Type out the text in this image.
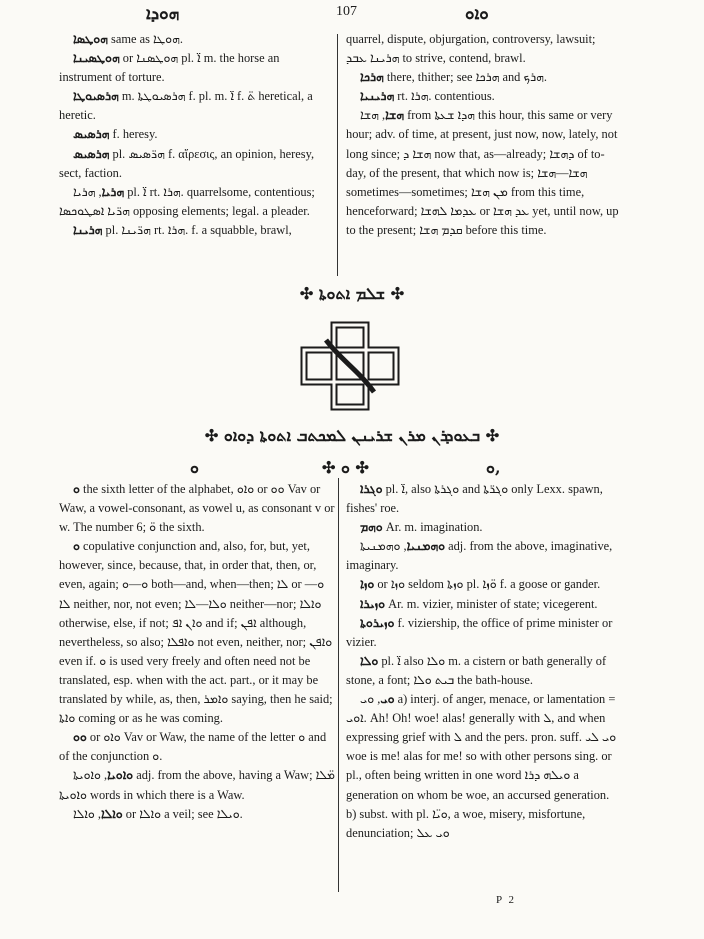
ܗܘܕܐ	107	ܘܐܘ

ܗܘܛܣܐ same as ܗܘܛܐ.

ܗܘܛܣܝܢܐ or ܗܘܛܣܢܐ pl. ܐ̈ m. the horse an instrument of torture.

ܗܪܣܝܘܛܐ m. ܗܪܣܝܘܛܬܐ f. pl. m. ܐ̈ f. ܬ̈ heretical, a heretic.

ܗܪܣܝܣ f. heresy.

ܗܪܣܝܣ pl. ܗܪ̈ܣܝܣ f. αἵρεσις, an opinion, heresy, sect, faction.

ܗܪܝܐ, ܗܪܝܐ pl. ܐ̈ rt. ܗܪܐ. quarrelsome, contentious; ܗܪ̈ܝܐ ܐܣܛܘܟܣܐ opposing elements; legal. a pleader.

ܗܪܝܢܐ pl. ܗܪ̈ܝܢܐ rt. ܗܪܐ. f. a squabble, brawl,

quarrel, dispute, objurgation, controversy, lawsuit; ܗܪܝܢܐ ܥܒܕ to strive, contend, brawl.

ܗܪܟܐ there, thither; see ܗܪܟܐ and ܗܪܟ.

ܗܪܝܢܝܐ rt. ܗܪܐ. contentious.

ܗܫܐ, ܗܫܐ from ܗܕܐ ܫܥܬܐ this hour, this same or very hour; adv. of time, at present, just now, now, lately, not long since; ܗܫܐ ܕ now that, as—already; ܕܗܫܐ of to-day, of the present, that which now is; ܗܫܐ—ܗܫܐ sometimes—sometimes; ܡܢ ܗܫܐ from this time, henceforward; ܥܕܡܐ ܠܗܫܐ or ܥܕ ܗܫܐ yet, until now, up to the present; ܩܕܡ ܗܫܐ before this time.

✣ ܫܠܡ ܐܬܘܬܐ ✣
✣ ܒܥܘܕܪܢ ܡܪܢ ܫܪܝܢܢ ܠܡܟܬܒ ܐܬܘܬܐ ܕܘܐܘ ✣
ܘ	✣ ܘ ✣	ܘ,

ܘ the sixth letter of the alphabet, ܘܐܘ or ܘܘ Vav or Waw, a vowel-consonant, as vowel u, as consonant v or w. The number 6; ܘ̈ the sixth.

ܘ copulative conjunction and, also, for, but, yet, however, since, because, that, in order that, then, or, even, again; ܘ—ܘ both—and, when—then; ܠܐ or ܘ—ܠܐ neither, nor, not even; ܘܠܐ—ܠܐ neither—nor; ܘܐܠܐ otherwise, else, if not; ܘܐܢ ܐܦ and if; ܐܦܢ although, nevertheless, so also; ܘܐܦܠܐ not even, neither, nor; ܘܐܦܢ even if. ܘ is used very freely and often need not be translated, esp. when with the act. part., or it may be translated by while, as, then, ܘܐܡܪ saying, then he said; ܘܐܬܐ coming or as he was coming.

ܘܘ or ܘܐܘ Vav or Waw, the name of the letter ܘ and of the conjunction ܘ.

ܘܐܘܝܐ, ܘܐܘܝܬܐ adj. from the above, having a Waw; ܡ̈ܠܐ ܘܐܘܝܬܐ words in which there is a Waw.

ܘܐܠܐ, ܘܐܠܐ or ܘܐܠܐ a veil; see ܘܝܠܐ.

ܘܓܪܐ pl. ܐ̈, also ܘܓܪܬܐ and ܘܓܪ̈ܬܐ only Lexx. spawn, fishes' roe.

ܘܗܡ Ar. m. imagination.

ܘܗܡܢܝܐ, ܘܗܡܢܝܬܐ adj. from the above, imaginative, imaginary.

ܘܙܐ or ܘܙܐ seldom ܘܙܬܐ pl. ܘ̈ܙܐ f. a goose or gander.

ܘܙܝܪܐ Ar. m. vizier, minister of state; vicegerent.

ܘܙܝܪܘܬܐ f. viziership, the office of prime minister or vizier.

ܘܠܐ pl. ܐ̈ also ܘܠܐ m. a cistern or bath generally of stone, a font; ܒܝܬ ܘܠܐ the bath-house.

ܘܝ, ܘܝ a) interj. of anger, menace, or lamentation = ܐܘܝ. Ah! Oh! woe! alas! generally with ܠ, and when expressing grief with ܠ and the pers. pron. suff. ܘܝ ܠܝ woe is me! alas for me! so with other persons sing. or pl., often being written in one word ܘܝܠܗ ܕܪܐ a generation on whom be woe, an accursed generation. b) subst. with pl. ܘܝ̈ܐ, a woe, misery, misfortune, denunciation; ܘܝ ܥܠ

P 2
